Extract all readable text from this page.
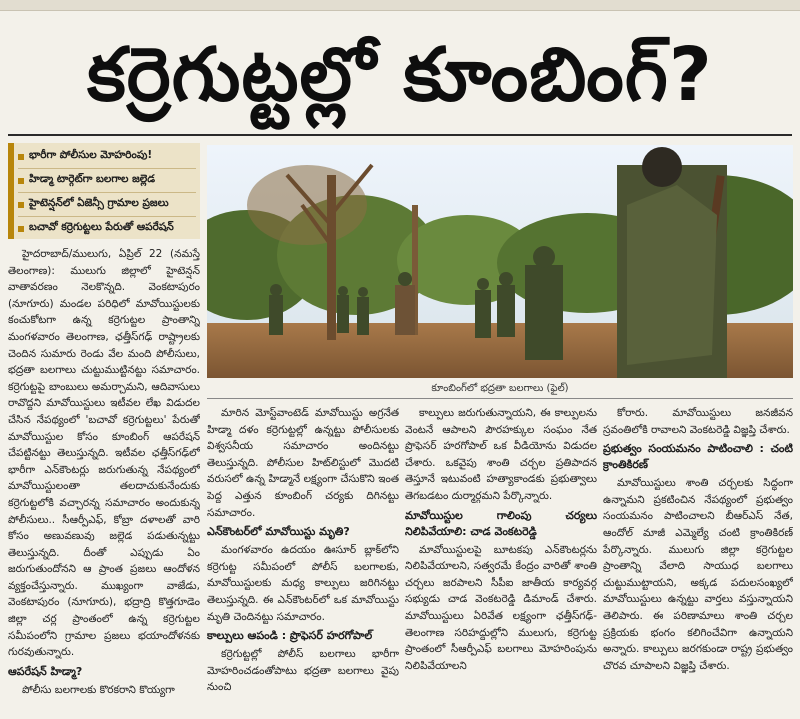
కర్రెగుట్టల్లో కూంబింగ్?
భారీగా పోలీసుల మోహరింపు!
హిడ్మా టార్గెట్‌గా బలగాల జల్లెడ
హైటెన్షన్‌లో ఏజెన్సీ గ్రామాల ప్రజలు
బచావో కర్రెగుట్టలు పేరుతో ఆపరేషన్
కూంబింగ్‌లో భద్రతా బలగాలు (ఫైల్)

హైదరాబాద్‌/ములుగు, ఏప్రిల్ 22 (నమస్తే తెలంగాణ): ములుగు జిల్లాలో హైటెన్షన్ వాతావరణం నెలకొన్నది. వెంకటాపురం (నూగూరు) మండల పరిధిలో మావోయిస్టులకు కంచుకోటగా ఉన్న కర్రెగుట్టల ప్రాంతాన్ని మంగళవారం తెలంగాణ, ఛత్తీస్‌గఢ్ రాష్ట్రాలకు చెందిన సుమారు రెండు వేల మంది పోలీసులు, భద్రతా బలగాలు చుట్టుముట్టినట్టు సమాచారం. కర్రెగుట్టపై బాంబులు అమర్చామని, ఆదివాసులు రావొద్దని మావోయిస్టులు ఇటీవల లేఖ విడుదల చేసిన నేపథ్యంలో 'బచావో కర్రెగుట్టలు' పేరుతో మావోయిస్టుల కోసం కూంబింగ్ ఆపరేషన్ చేపట్టినట్టు తెలుస్తున్నది. ఇటీవల ఛత్తీస్‌గఢ్‌లో భారీగా ఎన్‌కౌంటర్లు జరుగుతున్న నేపథ్యంలో మావోయిస్టులంతా తలదాచుకునేందుకు కర్రెగుట్టలోకి వచ్చారన్న సమాచారం అందుకున్న పోలీసులు.. సీఆర్పీఎఫ్, కోబ్రా దళాలతో వారి కోసం అణువణువు జల్లెడ పడుతున్నట్టు తెలుస్తున్నది. దీంతో ఎప్పుడు ఏం జరుగుతుందోనని ఆ ప్రాంత ప్రజలు ఆందోళన వ్యక్తంచేస్తున్నారు. ముఖ్యంగా వాజేడు, వెంకటాపురం (నూగూరు), భద్రాద్రి కొత్తగూడెం జిల్లా చర్ల ప్రాంతంలో ఉన్న కర్రెగుట్టల సమీపంలోని గ్రామాల ప్రజలు భయాందోళనకు గురవుతున్నారు.

ఆపరేషన్ హిడ్మా?

పోలీసు బలగాలకు కొరకరాని కొయ్యగా

మారిన మోస్ట్‌వాంటెడ్ మావోయిస్టు అగ్రనేత హిడ్మా దళం కర్రెగుట్టల్లో ఉన్నట్టు పోలీసులకు విశ్వసనీయ సమాచారం అందినట్టు తెలుస్తున్నది. పోలీసుల హిట్‌లిస్టులో మొదటి వరుసలో ఉన్న హిడ్మానే లక్ష్యంగా చేసుకొని ఇంత పెద్ద ఎత్తున కూంబింగ్ చర్యకు దిగినట్టు సమాచారం.

ఎన్‌కౌంటర్‌లో మావోయిస్టు మృతి?

మంగళవారం ఉదయం ఊసూర్ బ్లాక్‌లోని కర్రెగుట్ట సమీపంలో పోలీస్ బలగాలకు, మావోయిస్టులకు మధ్య కాల్పులు జరిగినట్టు తెలుస్తున్నది. ఈ ఎన్‌కౌంటర్‌లో ఒక మావోయిస్టు మృతి చెందినట్టు సమాచారం.

కాల్పులు ఆపండి : ప్రొఫెసర్ హరగోపాల్

కర్రెగుట్టల్లో పోలీస్ బలగాలు భారీగా మోహరించడంతోపాటు భద్రతా బలగాలు వైపు నుంచి

కాల్పులు జరుగుతున్నాయని, ఈ కాల్పులను వెంటనే ఆపాలని పౌరహక్కుల సంఘం నేత ప్రొఫెసర్ హరగోపాల్ ఒక వీడియోను విడుదల చేశారు. ఒకవైపు శాంతి చర్చల ప్రతిపాదన తెస్తూనే ఇటువంటి హత్యాకాండకు ప్రభుత్వాలు తెగబడటం దుర్మార్గమని పేర్కొన్నారు.

మావోయిస్టుల గాలింపు చర్యలు నిలిపివేయాలి: చాడ వెంకటరెడ్డి

మావోయిస్టులపై బూటకపు ఎన్‌కౌంటర్లను నిలిపివేయాలని, సత్వరమే కేంద్రం వారితో శాంతి చర్చలు జరపాలని సీపీఐ జాతీయ కార్యవర్గ సభ్యుడు చాడ వెంకటరెడ్డి డిమాండ్ చేశారు. మావోయిస్టులు ఏరివేత లక్ష్యంగా ఛత్తీస్‌గఢ్-తెలంగాణ సరిహద్దుల్లోని ములుగు, కర్రెగుట్ట ప్రాంతంలో సీఆర్పీఎఫ్ బలగాలు మోహరింపును నిలిపివేయాలని

కోరారు. మావోయిస్టులు జనజీవన స్రవంతిలోకి రావాలని వెంకటరెడ్డి విజ్ఞప్తి చేశారు.

ప్రభుత్వం సంయమనం పాటించాలి : చంటి క్రాంతికిరణ్

మావోయిస్టులు శాంతి చర్చలకు సిద్ధంగా ఉన్నామని ప్రకటించిన నేపథ్యంలో ప్రభుత్వం సంయమనం పాటించాలని బీఆర్ఎస్ నేత, ఆందోల్ మాజీ ఎమ్మెల్యే చంటి క్రాంతికిరణ్ పేర్కొన్నారు. ములుగు జిల్లా కర్రెగుట్టల ప్రాంతాన్ని వేలాది సాయుధ బలగాలు చుట్టుముట్టాయని, అక్కడ పదులసంఖ్యలో మావోయిస్టులు ఉన్నట్టు వార్తలు వస్తున్నాయని తెలిపారు. ఈ పరిణామాలు శాంతి చర్చల ప్రక్రియకు భంగం కలిగించేవిగా ఉన్నాయని అన్నారు. కాల్పులు జరగకుండా రాష్ట్ర ప్రభుత్వం చొరవ చూపాలని విజ్ఞప్తి చేశారు.
